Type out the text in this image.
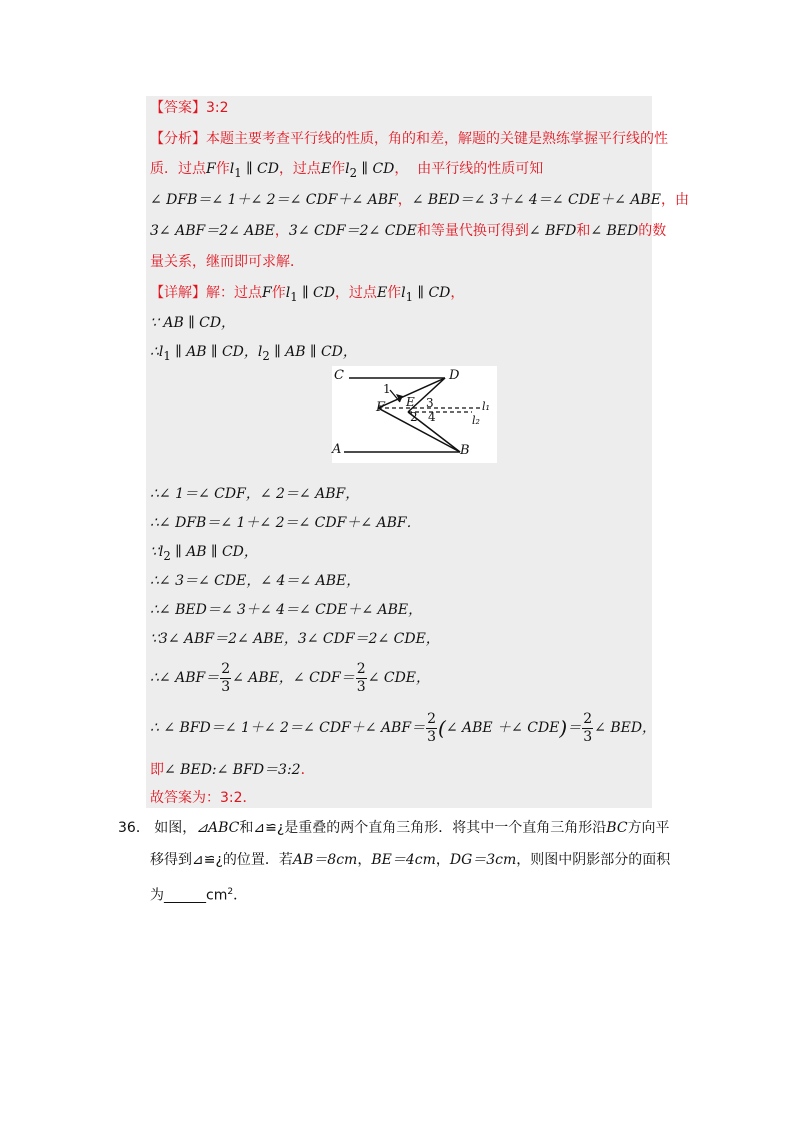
【答案】3:2
【分析】本题主要考查平行线的性质，角的和差，解题的关键是熟练掌握平行线的性
质．过点F作$l_1$ ∥ CD，过点E作$l_2$ ∥ CD， 由平行线的性质可知
∠ DFB＝∠ 1＋∠ 2＝∠ CDF＋∠ ABF，∠ BED＝∠ 3＋∠ 4＝∠ CDE＋∠ ABE，由
3∠ ABF＝2∠ ABE，3∠ CDF＝2∠ CDE和等量代换可得到∠ BFD和∠ BED的数
量关系，继而即可求解．
【详解】解：过点F作$l_1$ ∥ CD，过点E作$l_1$ ∥ CD，
∵ AB ∥ CD，
$\therefore l_1$ ∥ AB ∥ CD，$l_2$ ∥ AB ∥ CD，
C	D
A	B
F E
1
2
3
4
l₁
l₂
∴∠ 1＝∠ CDF，∠ 2＝∠ ABF，
∴∠ DFB＝∠ 1＋∠ 2＝∠ CDF＋∠ ABF．
$\because l_2$ ∥ AB ∥ CD，
∴∠ 3＝∠ CDE，∠ 4＝∠ ABE，
∴∠ BED＝∠ 3＋∠ 4＝∠ CDE＋∠ ABE，
∵3∠ ABF＝2∠ ABE，3∠ CDF＝2∠ CDE，
∴∠ $ABF= \frac{2}{3}$ ∠ ABE，∠ $CDF= \frac{2}{3}$ ∠ CDE，
∴ ∠ BFD＝∠ 1＋∠ 2＝∠ CDF＋∠ $ABF= \frac{2}{3}$ (∠ ABE ＋∠ $CDE)= \frac{2}{3}$ ∠ BED，
即∠ BED:∠ BFD＝3:2．
故答案为：3:2．
36． 如图，⊿ABC和⊿≌¿是重叠的两个直角三角形．将其中一个直角三角形沿BC方向平
移得到⊿≌¿的位置．若AB＝8cm，BE＝4cm，DG＝3cm，则图中阴影部分的面积
为$\_\_\_\_\_\_cm^2$．
